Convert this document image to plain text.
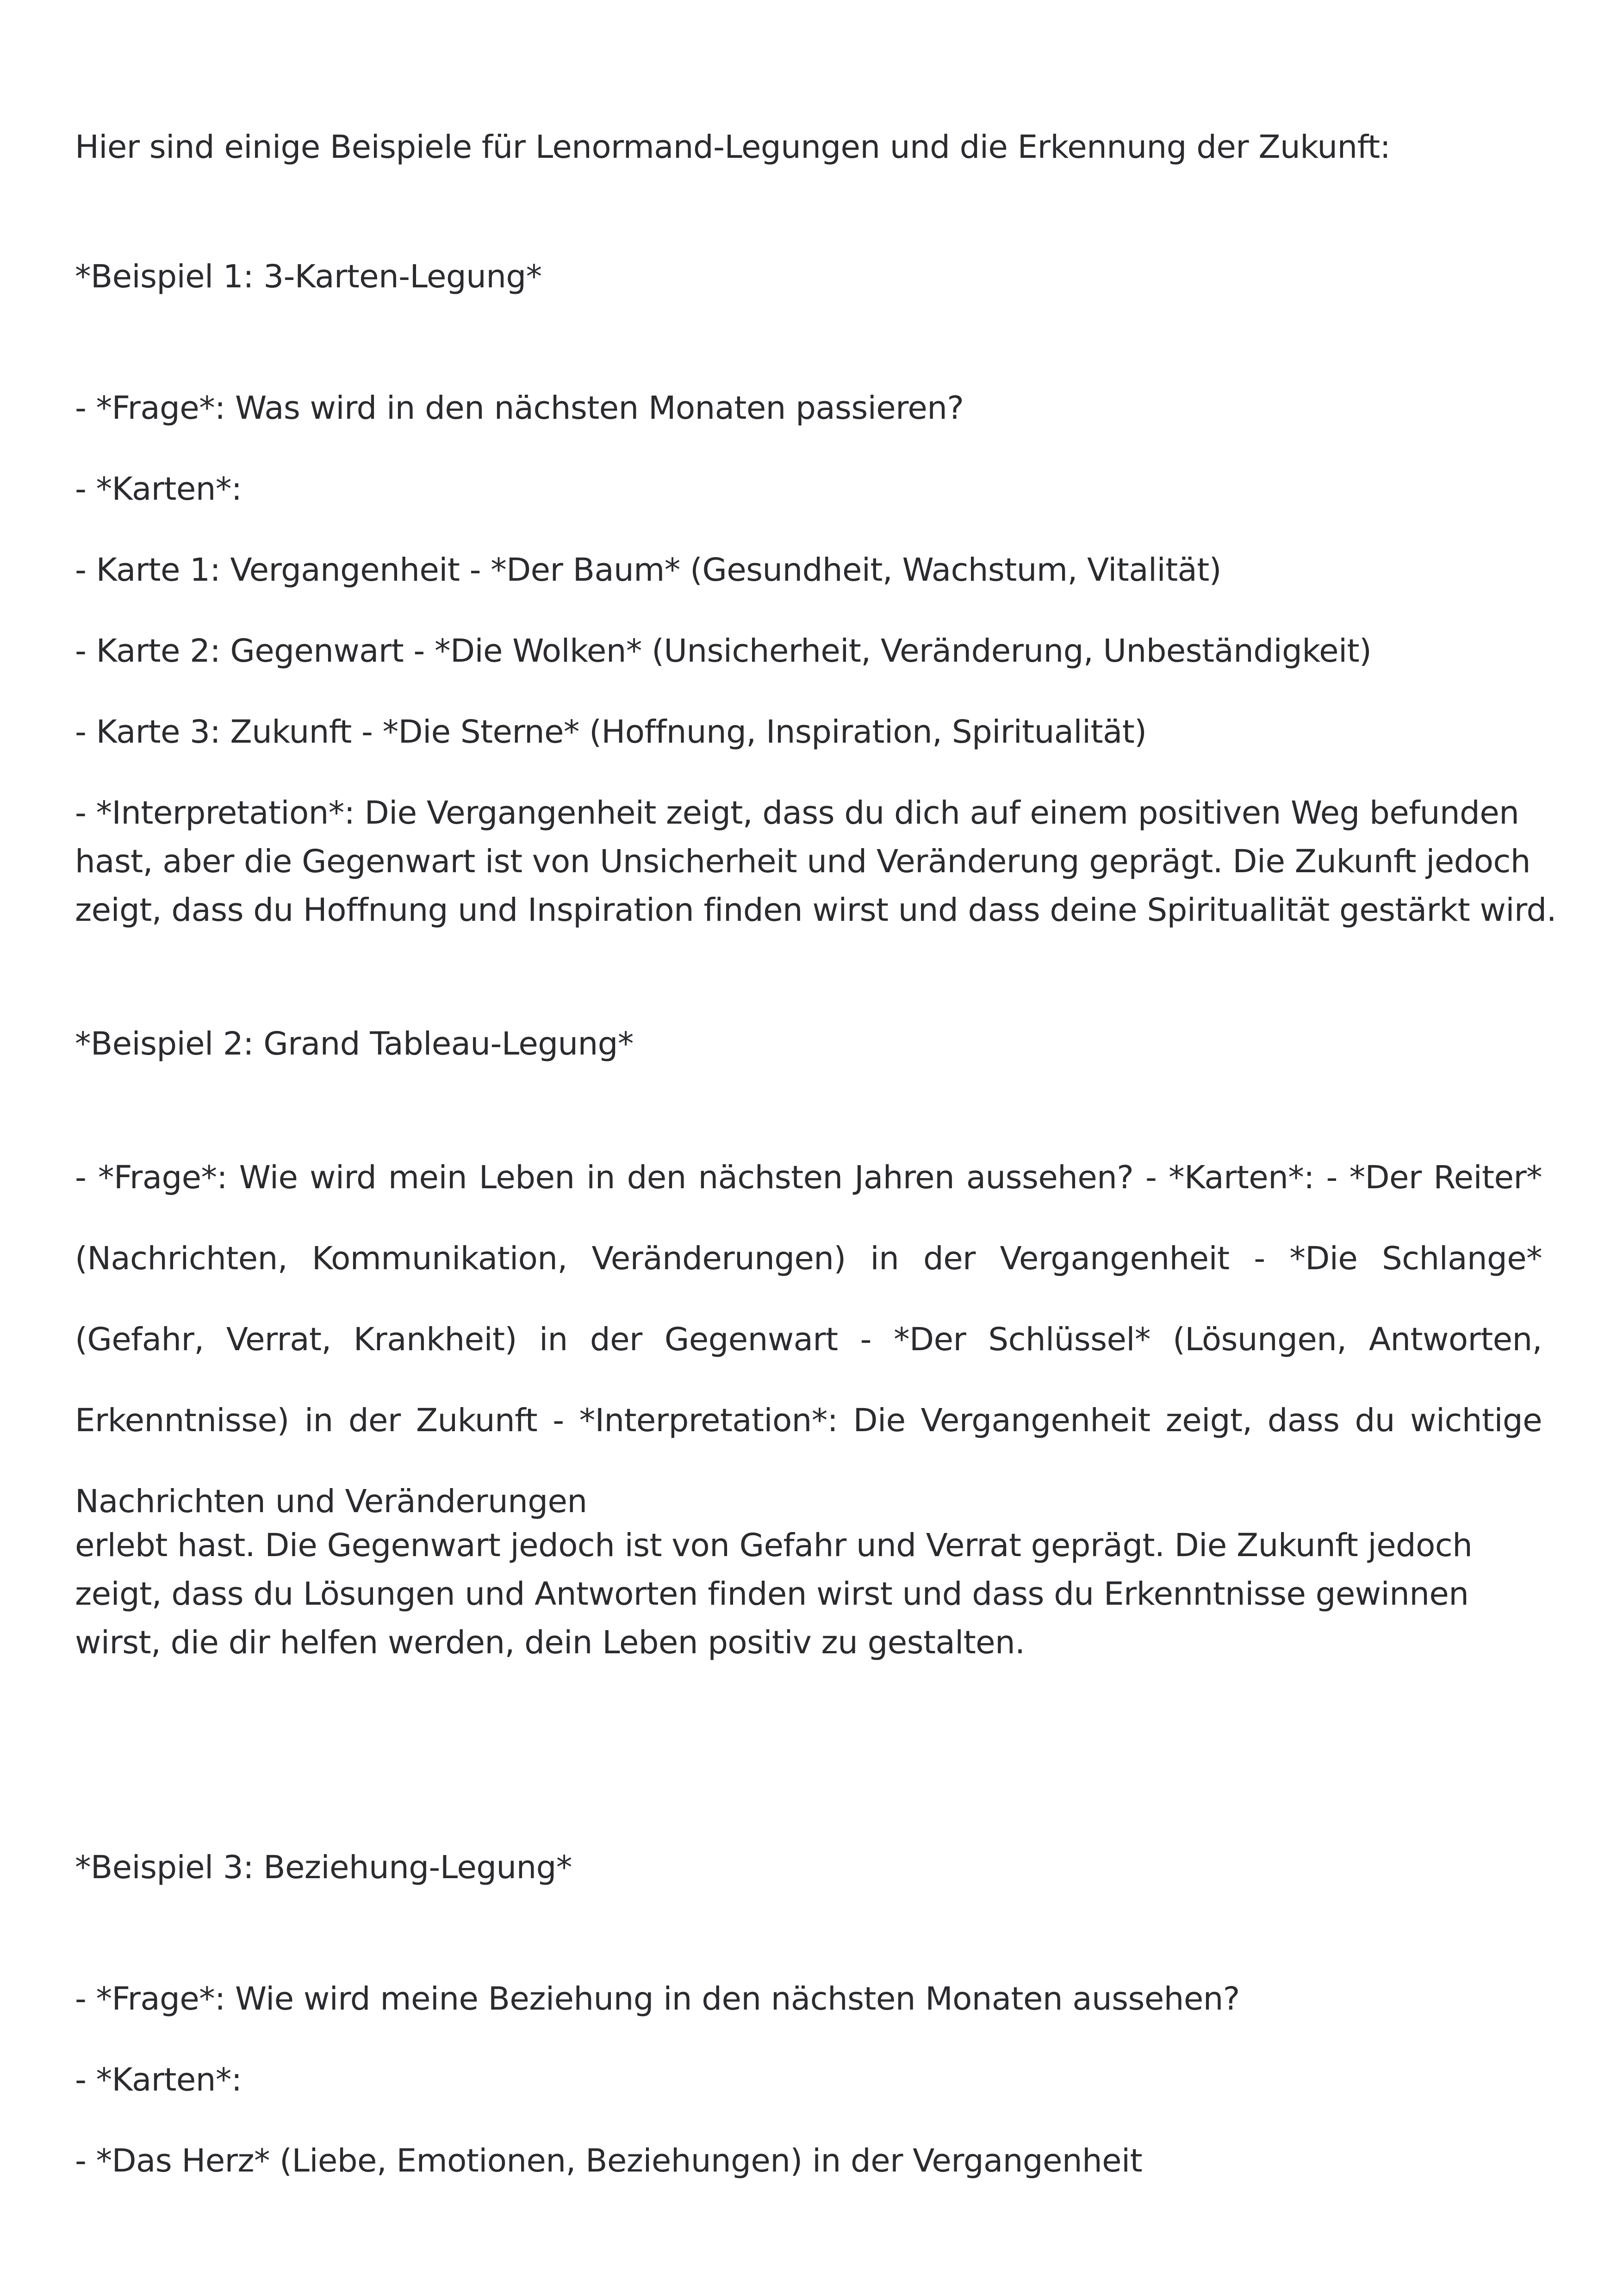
Hier sind einige Beispiele für Lenormand-Legungen und die Erkennung der Zukunft:

*Beispiel 1: 3-Karten-Legung*

- *Frage*: Was wird in den nächsten Monaten passieren?

- *Karten*:

- Karte 1: Vergangenheit - *Der Baum* (Gesundheit, Wachstum, Vitalität)

- Karte 2: Gegenwart - *Die Wolken* (Unsicherheit, Veränderung, Unbeständigkeit)

- Karte 3: Zukunft - *Die Sterne* (Hoffnung, Inspiration, Spiritualität)

- *Interpretation*: Die Vergangenheit zeigt, dass du dich auf einem positiven Weg befunden

hast, aber die Gegenwart ist von Unsicherheit und Veränderung geprägt. Die Zukunft jedoch

zeigt, dass du Hoffnung und Inspiration finden wirst und dass deine Spiritualität gestärkt wird.

*Beispiel 2: Grand Tableau-Legung*

- *Frage*: Wie wird mein Leben in den nächsten Jahren aussehen? - *Karten*: - *Der Reiter* (Nachrichten, Kommunikation, Veränderungen) in der Vergangenheit - *Die Schlange* (Gefahr, Verrat, Krankheit) in der Gegenwart - *Der Schlüssel* (Lösungen, Antworten, Erkenntnisse) in der Zukunft - *Interpretation*: Die Vergangenheit zeigt, dass du wichtige Nachrichten und Veränderungen

erlebt hast. Die Gegenwart jedoch ist von Gefahr und Verrat geprägt. Die Zukunft jedoch

zeigt, dass du Lösungen und Antworten finden wirst und dass du Erkenntnisse gewinnen

wirst, die dir helfen werden, dein Leben positiv zu gestalten.

*Beispiel 3: Beziehung-Legung*

- *Frage*: Wie wird meine Beziehung in den nächsten Monaten aussehen?

- *Karten*:

- *Das Herz* (Liebe, Emotionen, Beziehungen) in der Vergangenheit
